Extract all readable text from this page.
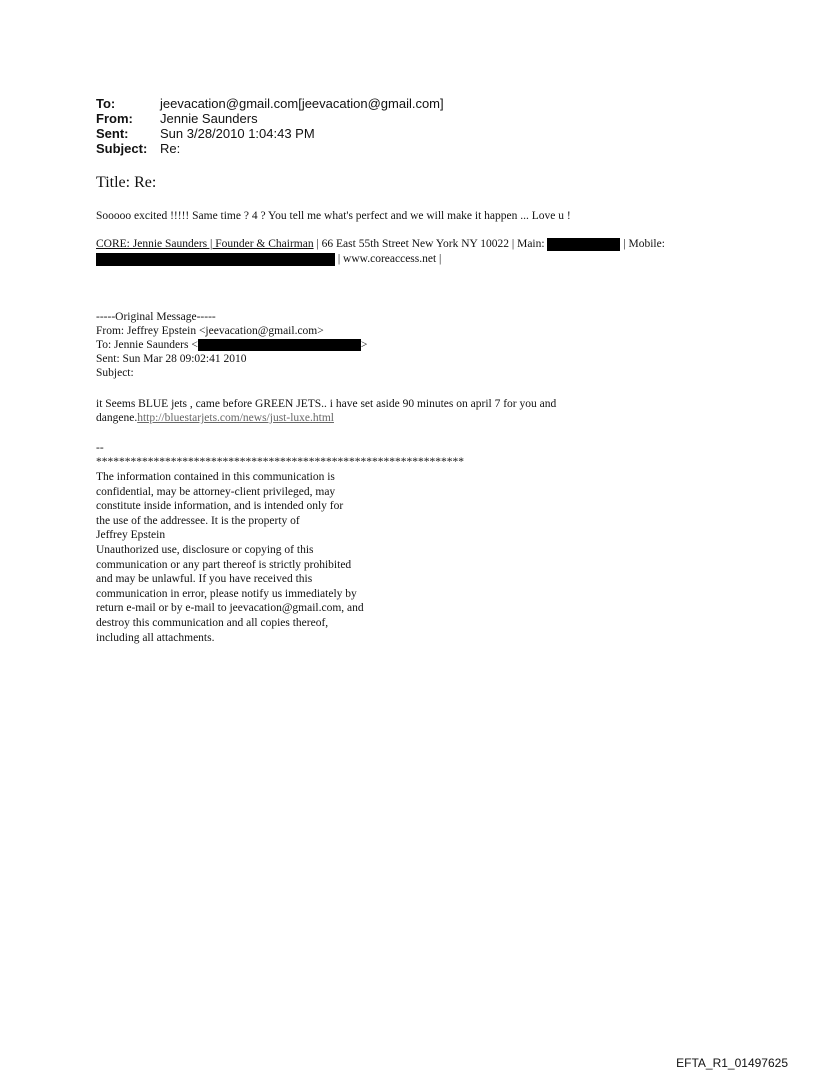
To:	jeevacation@gmail.com[jeevacation@gmail.com]
From:	Jennie Saunders
Sent:	Sun 3/28/2010 1:04:43 PM
Subject: Re:
Title: Re:
Sooooo excited !!!!! Same time ? 4 ? You tell me what's perfect and we will make it happen ... Love u !
CORE: Jennie Saunders | Founder & Chairman | 66 East 55th Street New York NY 10022 | Main:	| Mobile:
| www.coreaccess.net |
-----Original Message-----
From: Jeffrey Epstein <jeevacation@gmail.com>
To: Jennie Saunders <	>
Sent: Sun Mar 28 09:02:41 2010
Subject:
it Seems BLUE jets , came before GREEN JETS.. i have set aside 90 minutes on april 7 for you and
dangene.http://bluestarjets.com/news/just-luxe.html
--
****************************************************************
The information contained in this communication is
confidential, may be attorney-client privileged, may
constitute inside information, and is intended only for
the use of the addressee. It is the property of
Jeffrey Epstein
Unauthorized use, disclosure or copying of this
communication or any part thereof is strictly prohibited
and may be unlawful. If you have received this
communication in error, please notify us immediately by
return e-mail or by e-mail to jeevacation@gmail.com, and
destroy this communication and all copies thereof,
including all attachments.
EFTA_R1_01497625
